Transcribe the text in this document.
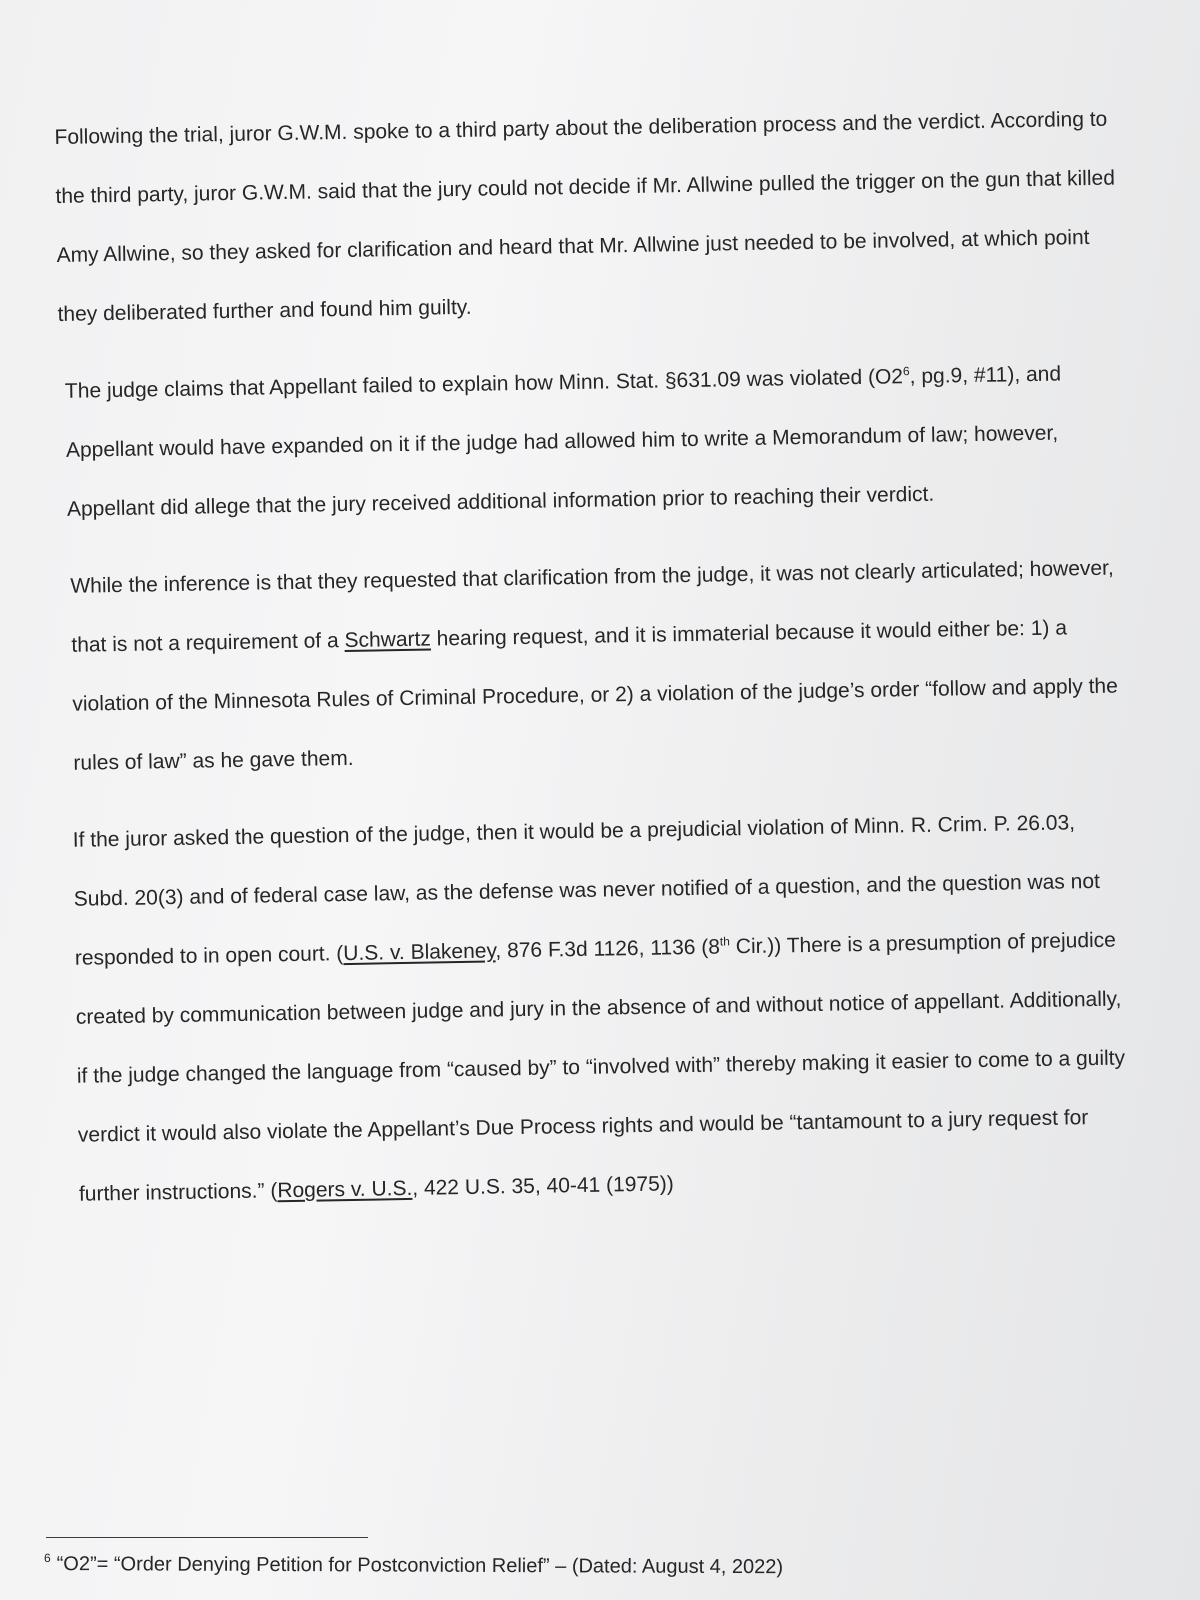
Following the trial, juror G.W.M. spoke to a third party about the deliberation process and the verdict. According to the third party, juror G.W.M. said that the jury could not decide if Mr. Allwine pulled the trigger on the gun that killed Amy Allwine, so they asked for clarification and heard that Mr. Allwine just needed to be involved, at which point they deliberated further and found him guilty.

The judge claims that Appellant failed to explain how Minn. Stat. §631.09 was violated ($O2^6$, pg.9, #11), and Appellant would have expanded on it if the judge had allowed him to write a Memorandum of law; however, Appellant did allege that the jury received additional information prior to reaching their verdict.

While the inference is that they requested that clarification from the judge, it was not clearly articulated; however, that is not a requirement of a Schwartz hearing request, and it is immaterial because it would either be: 1) a violation of the Minnesota Rules of Criminal Procedure, or 2) a violation of the judge’s order “follow and apply the rules of law” as he gave them.

If the juror asked the question of the judge, then it would be a prejudicial violation of Minn. R. Crim. P. 26.03, Subd. 20(3) and of federal case law, as the defense was never notified of a question, and the question was not responded to in open court. (U.S. v. Blakeney, 876 F.3d 1126, 1136 (8th Cir.)) There is a presumption of prejudice created by communication between judge and jury in the absence of and without notice of appellant. Additionally, if the judge changed the language from “caused by” to “involved with” thereby making it easier to come to a guilty verdict it would also violate the Appellant’s Due Process rights and would be “tantamount to a jury request for further instructions.” (Rogers v. U.S., 422 U.S. 35, 40-41 (1975))

$^6$ “O2”= “Order Denying Petition for Postconviction Relief” – (Dated: August 4, 2022)
